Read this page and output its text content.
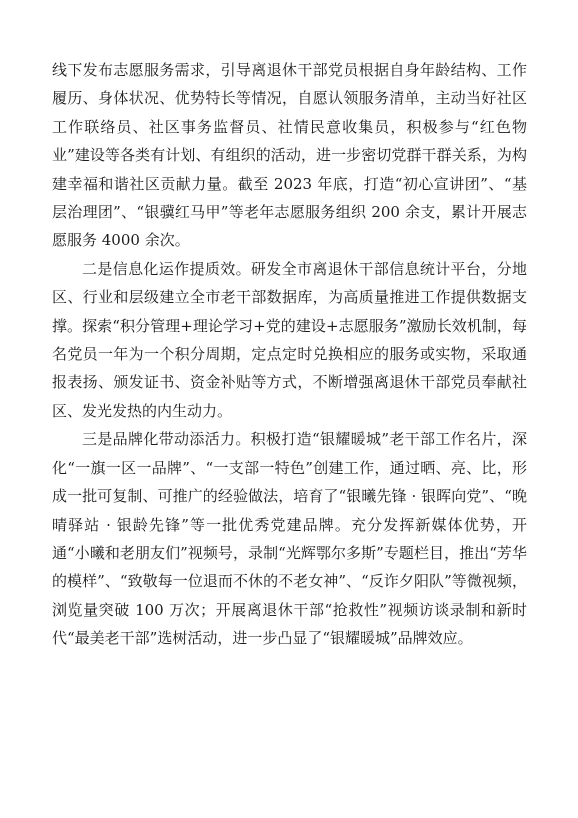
线下发布志愿服务需求，引导离退休干部党员根据自身年龄结构、工作履历、身体状况、优势特长等情况，自愿认领服务清单，主动当好社区工作联络员、社区事务监督员、社情民意收集员，积极参与“红色物业”建设等各类有计划、有组织的活动，进一步密切党群干群关系，为构建幸福和谐社区贡献力量。截至 2023 年底，打造“初心宣讲团”、“基层治理团”、“银骥红马甲”等老年志愿服务组织 200 余支，累计开展志愿服务 4000 余次。

二是信息化运作提质效。研发全市离退休干部信息统计平台，分地区、行业和层级建立全市老干部数据库，为高质量推进工作提供数据支撑。探索“积分管理+理论学习+党的建设+志愿服务”激励长效机制，每名党员一年为一个积分周期，定点定时兑换相应的服务或实物，采取通报表扬、颁发证书、资金补贴等方式，不断增强离退休干部党员奉献社区、发光发热的内生动力。

三是品牌化带动添活力。积极打造“银耀暖城”老干部工作名片，深化“一旗一区一品牌”、“一支部一特色”创建工作，通过晒、亮、比，形成一批可复制、可推广的经验做法，培育了“银曦先锋 · 银晖向党”、“晚晴驿站 · 银龄先锋”等一批优秀党建品牌。充分发挥新媒体优势，开通“小曦和老朋友们”视频号，录制“光辉鄂尔多斯”专题栏目，推出“芳华的模样”、“致敬每一位退而不休的不老女神”、“反诈夕阳队”等微视频，浏览量突破 100 万次；开展离退休干部“抢救性”视频访谈录制和新时代“最美老干部”选树活动，进一步凸显了“银耀暖城”品牌效应。
